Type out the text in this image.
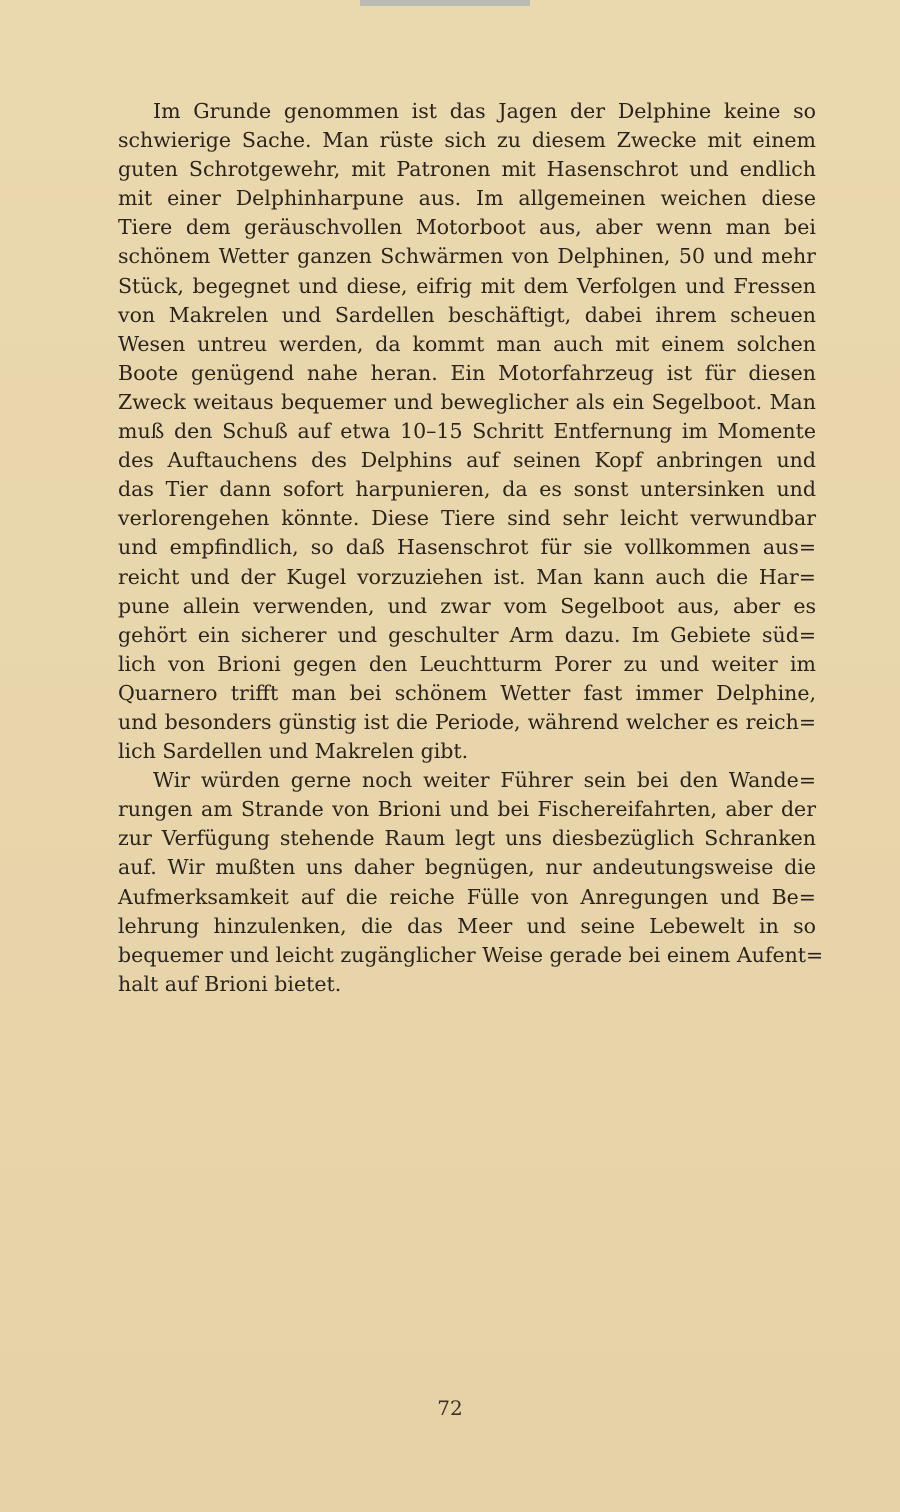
Im Grunde genommen ist das Jagen der Delphine keine so
schwierige Sache. Man rüste sich zu diesem Zwecke mit einem
guten Schrotgewehr, mit Patronen mit Hasenschrot und endlich
mit einer Delphinharpune aus. Im allgemeinen weichen diese
Tiere dem geräuschvollen Motorboot aus, aber wenn man bei
schönem Wetter ganzen Schwärmen von Delphinen, 50 und mehr
Stück, begegnet und diese, eifrig mit dem Verfolgen und Fressen
von Makrelen und Sardellen beschäftigt, dabei ihrem scheuen
Wesen untreu werden, da kommt man auch mit einem solchen
Boote genügend nahe heran. Ein Motorfahrzeug ist für diesen
Zweck weitaus bequemer und beweglicher als ein Segelboot. Man
muß den Schuß auf etwa 10–15 Schritt Entfernung im Momente
des Auftauchens des Delphins auf seinen Kopf anbringen und
das Tier dann sofort harpunieren, da es sonst untersinken und
verlorengehen könnte. Diese Tiere sind sehr leicht verwundbar
und empfindlich, so daß Hasenschrot für sie vollkommen aus=
reicht und der Kugel vorzuziehen ist. Man kann auch die Har=
pune allein verwenden, und zwar vom Segelboot aus, aber es
gehört ein sicherer und geschulter Arm dazu. Im Gebiete süd=
lich von Brioni gegen den Leuchtturm Porer zu und weiter im
Quarnero trifft man bei schönem Wetter fast immer Delphine,
und besonders günstig ist die Periode, während welcher es reich=
lich Sardellen und Makrelen gibt.
Wir würden gerne noch weiter Führer sein bei den Wande=
rungen am Strande von Brioni und bei Fischereifahrten, aber der
zur Verfügung stehende Raum legt uns diesbezüglich Schranken
auf. Wir mußten uns daher begnügen, nur andeutungsweise die
Aufmerksamkeit auf die reiche Fülle von Anregungen und Be=
lehrung hinzulenken, die das Meer und seine Lebewelt in so
bequemer und leicht zugänglicher Weise gerade bei einem Aufent=
halt auf Brioni bietet.
72
